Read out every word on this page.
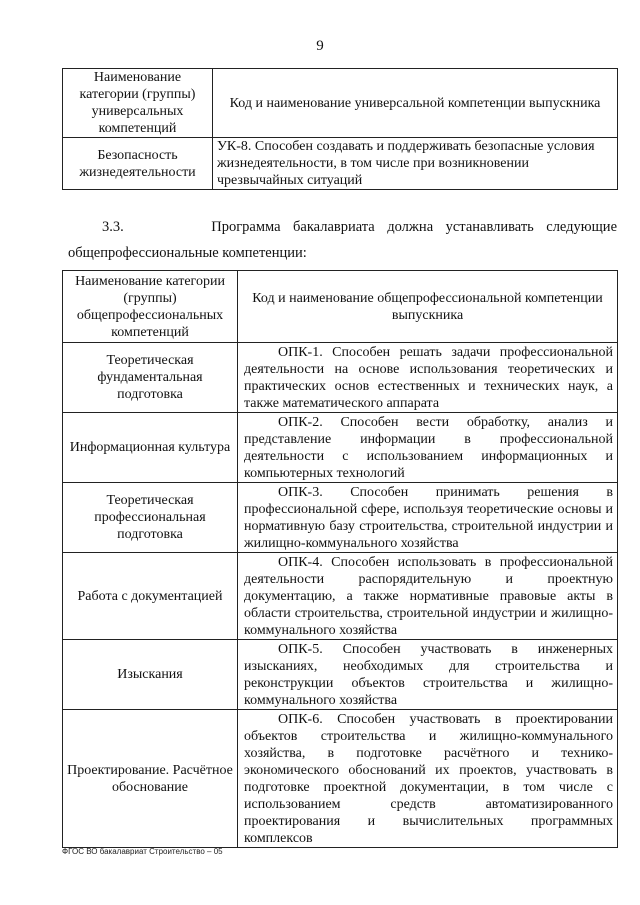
9
Наименование категории (группы) универсальных компетенций	Код и наименование универсальной компетенции выпускника
Безопасность жизнедеятельности	УК-8. Способен создавать и поддерживать безопасные условия жизнедеятельности, в том числе при возникновении чрезвычайных ситуаций
3.3.	Программа бакалавриата должна устанавливать следующие
общепрофессиональные компетенции:
Наименование категории (группы) общепрофессиональных компетенций	Код и наименование общепрофессиональной компетенции выпускника
Теоретическая фундаментальная подготовка	ОПК-1. Способен решать задачи профессиональной деятельности на основе использования теоретических и практических основ естественных и технических наук, а также математического аппарата

Информационная культура	ОПК-2. Способен вести обработку, анализ и представление информации в профессиональной деятельности с использованием информационных и компьютерных технологий

Теоретическая профессиональная подготовка	ОПК-3. Способен принимать решения в профессиональной сфере, используя теоретические основы и нормативную базу строительства, строительной индустрии и жилищно-коммунального хозяйства

Работа с документацией	ОПК-4. Способен использовать в профессиональной деятельности распорядительную и проектную документацию, а также нормативные правовые акты в области строительства, строительной индустрии и жилищно-коммунального хозяйства

Изыскания	ОПК-5. Способен участвовать в инженерных изысканиях, необходимых для строительства и реконструкции объектов строительства и жилищно-коммунального хозяйства

Проектирование. Расчётное обоснование	ОПК-6. Способен участвовать в проектировании объектов строительства и жилищно-коммунального хозяйства, в подготовке расчётного и технико-экономического обоснований их проектов, участвовать в подготовке проектной документации, в том числе с использованием средств автоматизированного проектирования и вычислительных программных комплексов
ФГОС ВО бакалавриат Строительство – 05
